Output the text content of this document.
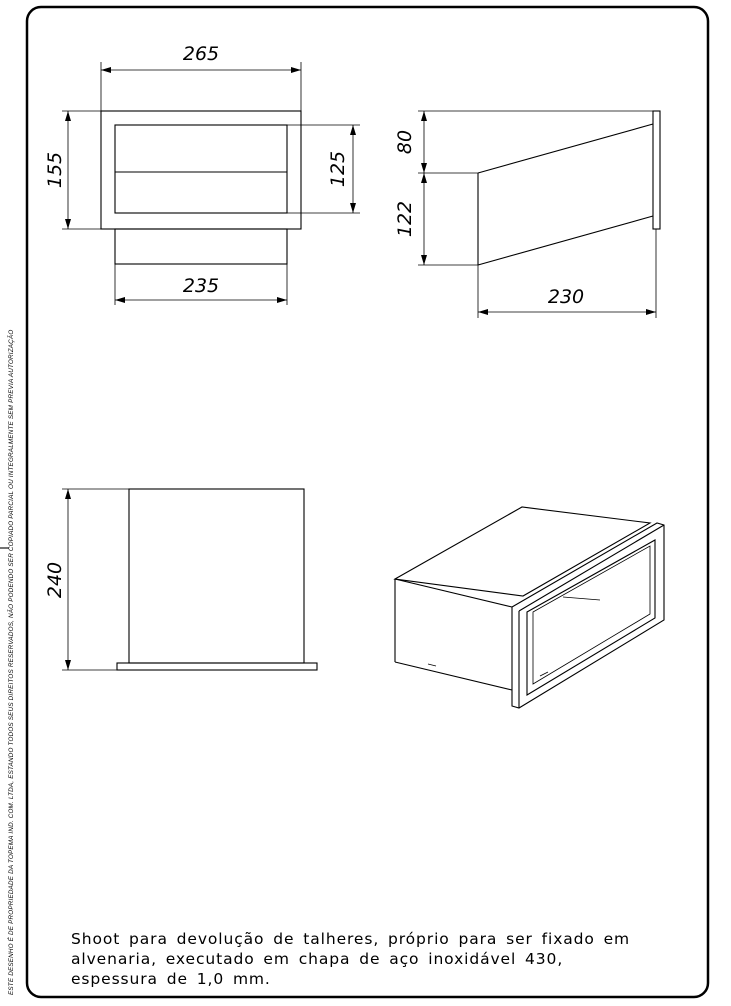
265
155	125
235
80
122
230
240
ESTE DESENHO É DE PROPRIEDADE DA TOPEMA IND. COM. LTDA, ESTANDO TODOS SEUS DIREITOS RESERVADOS, NÃO PODENDO SER COPIADO PARCIAL OU INTEGRALMENTE SEM PREVIA AUTORIZAÇÃO	Shoot para devolução de talheres, próprio para ser fixado em
alvenaria, executado em chapa de aço inoxidável 430,
espessura de 1,0 mm.
